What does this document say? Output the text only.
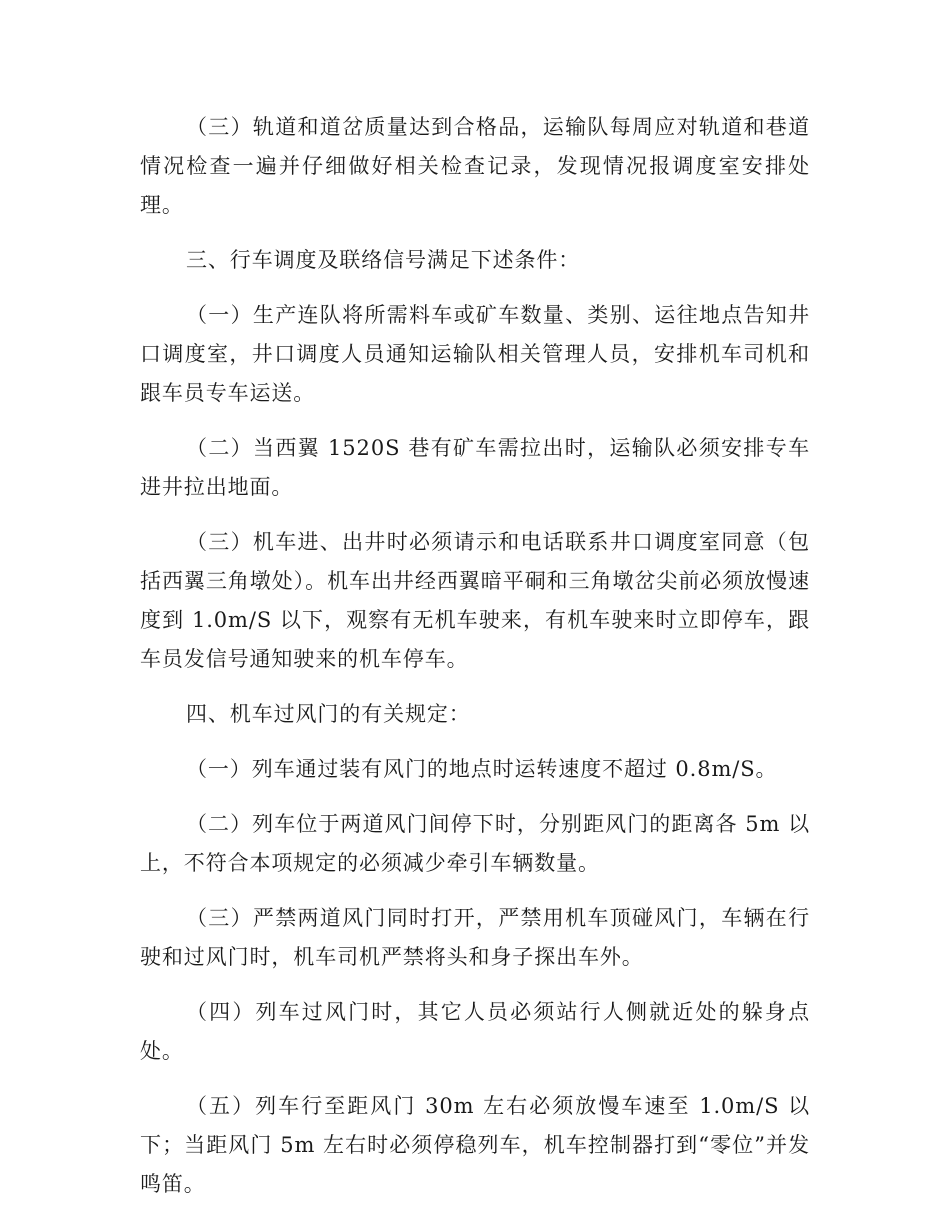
（三）轨道和道岔质量达到合格品，运输队每周应对轨道和巷道情况检查一遍并仔细做好相关检查记录，发现情况报调度室安排处理。

三、行车调度及联络信号满足下述条件：

（一）生产连队将所需料车或矿车数量、类别、运往地点告知井口调度室，井口调度人员通知运输队相关管理人员，安排机车司机和跟车员专车运送。

（二）当西翼 1520S 巷有矿车需拉出时，运输队必须安排专车进井拉出地面。

（三）机车进、出井时必须请示和电话联系井口调度室同意（包括西翼三角墩处）。机车出井经西翼暗平硐和三角墩岔尖前必须放慢速度到 1.0m/S 以下，观察有无机车驶来，有机车驶来时立即停车，跟车员发信号通知驶来的机车停车。

四、机车过风门的有关规定：

（一）列车通过装有风门的地点时运转速度不超过 0.8m/S。

（二）列车位于两道风门间停下时，分别距风门的距离各 5m 以上，不符合本项规定的必须减少牵引车辆数量。

（三）严禁两道风门同时打开，严禁用机车顶碰风门，车辆在行驶和过风门时，机车司机严禁将头和身子探出车外。

（四）列车过风门时，其它人员必须站行人侧就近处的躲身点处。

（五）列车行至距风门 30m 左右必须放慢车速至 1.0m/S 以下；当距风门 5m 左右时必须停稳列车，机车控制器打到“零位”并发鸣笛。
